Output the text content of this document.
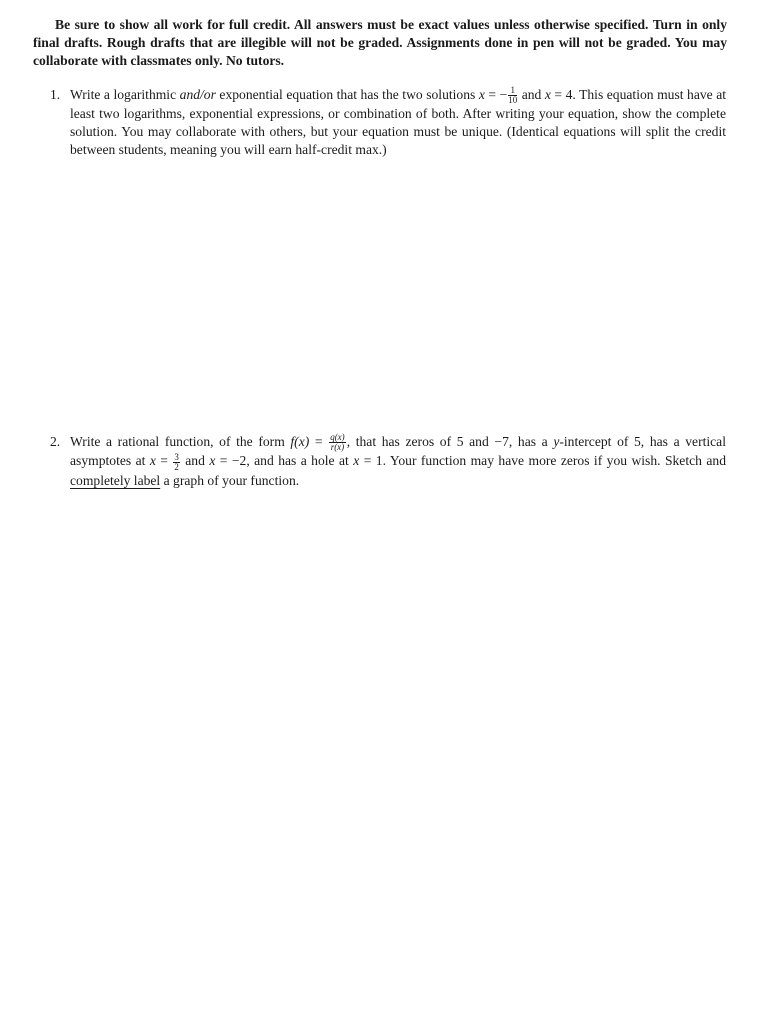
Be sure to show all work for full credit. All answers must be exact values unless otherwise specified. Turn in only final drafts. Rough drafts that are illegible will not be graded. Assignments done in pen will not be graded. You may collaborate with classmates only. No tutors.
1. Write a logarithmic and/or exponential equation that has the two solutions x = − $\frac{1}{10}$ and x = 4. This equation must have at least two logarithms, exponential expressions, or combination of both. After writing your equation, show the complete solution. You may collaborate with others, but your equation must be unique. (Identical equations will split the credit between students, meaning you will earn half-credit max.)
2. Write a rational function, of the form $f(x) = \frac{q(x)}{r(x)}$ , that has zeros of 5 and −7, has a y-intercept of 5, has a vertical asymptotes at $x = \frac{3}{2}$ and x = −2, and has a hole at x = 1. Your function may have more zeros if you wish. Sketch and completely label a graph of your function.
